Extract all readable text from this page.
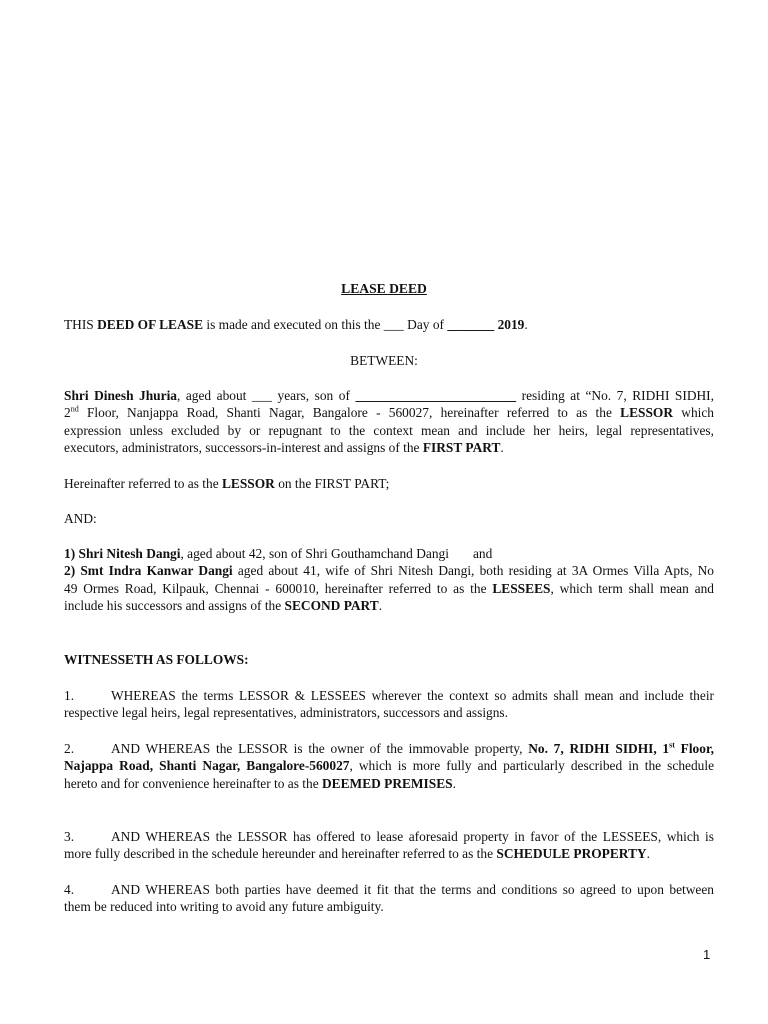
LEASE DEED
THIS DEED OF LEASE is made and executed on this the ___ Day of _______ 2019.
BETWEEN:
Shri Dinesh Jhuria, aged about ___ years, son of ________________________ residing at “No. 7, RIDHI SIDHI,
2nd Floor, Nanjappa Road, Shanti Nagar, Bangalore - 560027, hereinafter referred to as the LESSOR which
expression unless excluded by or repugnant to the context mean and include her heirs, legal representatives,
executors, administrators, successors-in-interest and assigns of the FIRST PART.
Hereinafter referred to as the LESSOR on the FIRST PART;
AND:
1) Shri Nitesh Dangi, aged about 42, son of Shri Gouthamchand Dangi and
2) Smt Indra Kanwar Dangi aged about 41, wife of Shri Nitesh Dangi, both residing at 3A Ormes Villa Apts, No
49 Ormes Road, Kilpauk, Chennai - 600010, hereinafter referred to as the LESSEES, which term shall mean and
include his successors and assigns of the SECOND PART.
WITNESSETH AS FOLLOWS:
1.	WHEREAS the terms LESSOR & LESSEES wherever the context so admits shall mean and include their
respective legal heirs, legal representatives, administrators, successors and assigns.
2.	AND WHEREAS the LESSOR is the owner of the immovable property, No. 7, RIDHI SIDHI, 1st Floor,
Najappa Road, Shanti Nagar, Bangalore-560027, which is more fully and particularly described in the schedule
hereto and for convenience hereinafter to as the DEEMED PREMISES.
3.	AND WHEREAS the LESSOR has offered to lease aforesaid property in favor of the LESSEES, which is
more fully described in the schedule hereunder and hereinafter referred to as the SCHEDULE PROPERTY.
4.	AND WHEREAS both parties have deemed it fit that the terms and conditions so agreed to upon between
them be reduced into writing to avoid any future ambiguity.
1
